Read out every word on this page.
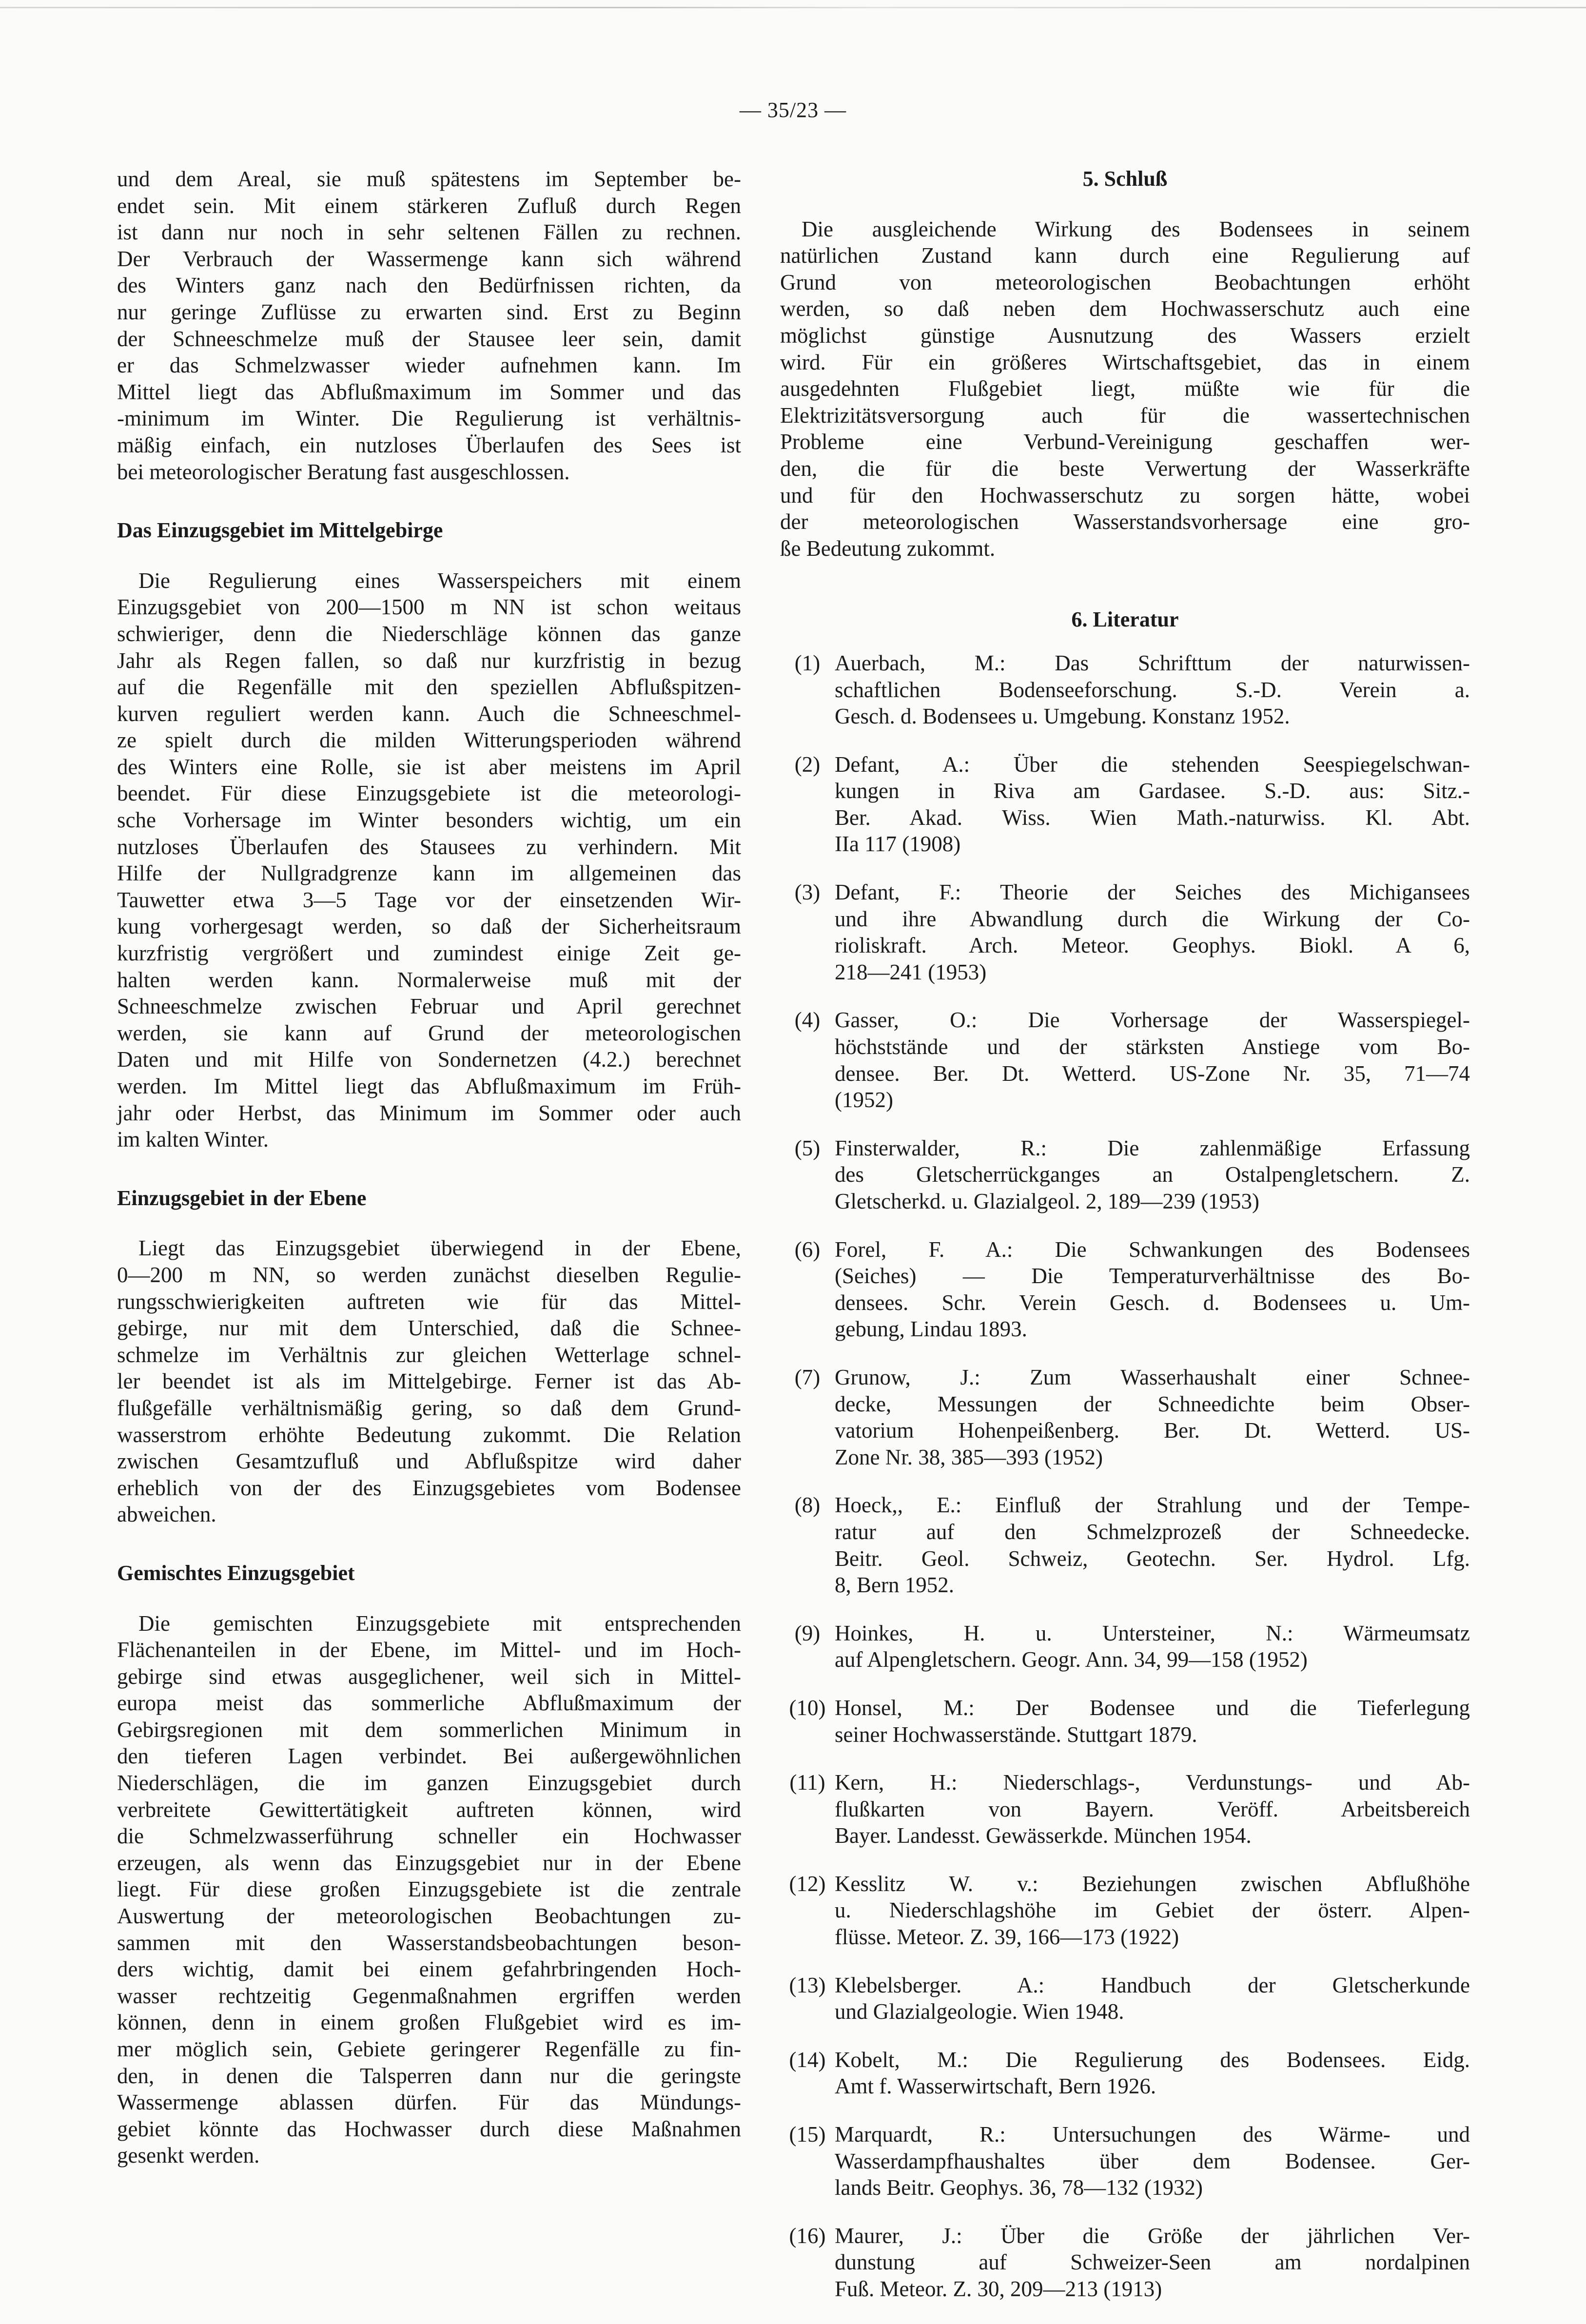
— 35/23 —
und dem Areal, sie muß spätestens im September be-
endet sein. Mit einem stärkeren Zufluß durch Regen
ist dann nur noch in sehr seltenen Fällen zu rechnen.
Der Verbrauch der Wassermenge kann sich während
des Winters ganz nach den Bedürfnissen richten, da
nur geringe Zuflüsse zu erwarten sind. Erst zu Beginn
der Schneeschmelze muß der Stausee leer sein, damit
er das Schmelzwasser wieder aufnehmen kann. Im
Mittel liegt das Abflußmaximum im Sommer und das
-minimum im Winter. Die Regulierung ist verhältnis-
mäßig einfach, ein nutzloses Überlaufen des Sees ist
bei meteorologischer Beratung fast ausgeschlossen.
Das Einzugsgebiet im Mittelgebirge
Die Regulierung eines Wasserspeichers mit einem
Einzugsgebiet von 200—1500 m NN ist schon weitaus
schwieriger, denn die Niederschläge können das ganze
Jahr als Regen fallen, so daß nur kurzfristig in bezug
auf die Regenfälle mit den speziellen Abflußspitzen-
kurven reguliert werden kann. Auch die Schneeschmel-
ze spielt durch die milden Witterungsperioden während
des Winters eine Rolle, sie ist aber meistens im April
beendet. Für diese Einzugsgebiete ist die meteorologi-
sche Vorhersage im Winter besonders wichtig, um ein
nutzloses Überlaufen des Stausees zu verhindern. Mit
Hilfe der Nullgradgrenze kann im allgemeinen das
Tauwetter etwa 3—5 Tage vor der einsetzenden Wir-
kung vorhergesagt werden, so daß der Sicherheitsraum
kurzfristig vergrößert und zumindest einige Zeit ge-
halten werden kann. Normalerweise muß mit der
Schneeschmelze zwischen Februar und April gerechnet
werden, sie kann auf Grund der meteorologischen
Daten und mit Hilfe von Sondernetzen (4.2.) berechnet
werden. Im Mittel liegt das Abflußmaximum im Früh-
jahr oder Herbst, das Minimum im Sommer oder auch
im kalten Winter.
Einzugsgebiet in der Ebene
Liegt das Einzugsgebiet überwiegend in der Ebene,
0—200 m NN, so werden zunächst dieselben Regulie-
rungsschwierigkeiten auftreten wie für das Mittel-
gebirge, nur mit dem Unterschied, daß die Schnee-
schmelze im Verhältnis zur gleichen Wetterlage schnel-
ler beendet ist als im Mittelgebirge. Ferner ist das Ab-
flußgefälle verhältnismäßig gering, so daß dem Grund-
wasserstrom erhöhte Bedeutung zukommt. Die Relation
zwischen Gesamtzufluß und Abflußspitze wird daher
erheblich von der des Einzugsgebietes vom Bodensee
abweichen.
Gemischtes Einzugsgebiet
Die gemischten Einzugsgebiete mit entsprechenden
Flächenanteilen in der Ebene, im Mittel- und im Hoch-
gebirge sind etwas ausgeglichener, weil sich in Mittel-
europa meist das sommerliche Abflußmaximum der
Gebirgsregionen mit dem sommerlichen Minimum in
den tieferen Lagen verbindet. Bei außergewöhnlichen
Niederschlägen, die im ganzen Einzugsgebiet durch
verbreitete Gewittertätigkeit auftreten können, wird
die Schmelzwasserführung schneller ein Hochwasser
erzeugen, als wenn das Einzugsgebiet nur in der Ebene
liegt. Für diese großen Einzugsgebiete ist die zentrale
Auswertung der meteorologischen Beobachtungen zu-
sammen mit den Wasserstandsbeobachtungen beson-
ders wichtig, damit bei einem gefahrbringenden Hoch-
wasser rechtzeitig Gegenmaßnahmen ergriffen werden
können, denn in einem großen Flußgebiet wird es im-
mer möglich sein, Gebiete geringerer Regenfälle zu fin-
den, in denen die Talsperren dann nur die geringste
Wassermenge ablassen dürfen. Für das Mündungs-
gebiet könnte das Hochwasser durch diese Maßnahmen
gesenkt werden.
5. Schluß
Die ausgleichende Wirkung des Bodensees in seinem
natürlichen Zustand kann durch eine Regulierung auf
Grund von meteorologischen Beobachtungen erhöht
werden, so daß neben dem Hochwasserschutz auch eine
möglichst günstige Ausnutzung des Wassers erzielt
wird. Für ein größeres Wirtschaftsgebiet, das in einem
ausgedehnten Flußgebiet liegt, müßte wie für die
Elektrizitätsversorgung auch für die wassertechnischen
Probleme eine Verbund-Vereinigung geschaffen wer-
den, die für die beste Verwertung der Wasserkräfte
und für den Hochwasserschutz zu sorgen hätte, wobei
der meteorologischen Wasserstandsvorhersage eine gro-
ße Bedeutung zukommt.
6. Literatur
(1) Auerbach, M.: Das Schrifttum der naturwissen-
schaftlichen Bodenseeforschung. S.-D. Verein a.
Gesch. d. Bodensees u. Umgebung. Konstanz 1952.
(2) Defant, A.: Über die stehenden Seespiegelschwan-
kungen in Riva am Gardasee. S.-D. aus: Sitz.-
Ber. Akad. Wiss. Wien Math.-naturwiss. Kl. Abt.
IIa 117 (1908)
(3) Defant, F.: Theorie der Seiches des Michigansees
und ihre Abwandlung durch die Wirkung der Co-
rioliskraft. Arch. Meteor. Geophys. Biokl. A 6,
218—241 (1953)
(4) Gasser, O.: Die Vorhersage der Wasserspiegel-
höchststände und der stärksten Anstiege vom Bo-
densee. Ber. Dt. Wetterd. US-Zone Nr. 35, 71—74
(1952)
(5) Finsterwalder, R.: Die zahlenmäßige Erfassung
des Gletscherrückganges an Ostalpengletschern. Z.
Gletscherkd. u. Glazialgeol. 2, 189—239 (1953)
(6) Forel, F. A.: Die Schwankungen des Bodensees
(Seiches) — Die Temperaturverhältnisse des Bo-
densees. Schr. Verein Gesch. d. Bodensees u. Um-
gebung, Lindau 1893.
(7) Grunow, J.: Zum Wasserhaushalt einer Schnee-
decke, Messungen der Schneedichte beim Obser-
vatorium Hohenpeißenberg. Ber. Dt. Wetterd. US-
Zone Nr. 38, 385—393 (1952)
(8) Hoeck,, E.: Einfluß der Strahlung und der Tempe-
ratur auf den Schmelzprozeß der Schneedecke.
Beitr. Geol. Schweiz, Geotechn. Ser. Hydrol. Lfg.
8, Bern 1952.
(9) Hoinkes, H. u. Untersteiner, N.: Wärmeumsatz
auf Alpengletschern. Geogr. Ann. 34, 99—158 (1952)
(10) Honsel, M.: Der Bodensee und die Tieferlegung
seiner Hochwasserstände. Stuttgart 1879.
(11) Kern, H.: Niederschlags-, Verdunstungs- und Ab-
flußkarten von Bayern. Veröff. Arbeitsbereich
Bayer. Landesst. Gewässerkde. München 1954.
(12) Kesslitz W. v.: Beziehungen zwischen Abflußhöhe
u. Niederschlagshöhe im Gebiet der österr. Alpen-
flüsse. Meteor. Z. 39, 166—173 (1922)
(13) Klebelsberger. A.: Handbuch der Gletscherkunde
und Glazialgeologie. Wien 1948.
(14) Kobelt, M.: Die Regulierung des Bodensees. Eidg.
Amt f. Wasserwirtschaft, Bern 1926.
(15) Marquardt, R.: Untersuchungen des Wärme- und
Wasserdampfhaushaltes über dem Bodensee. Ger-
lands Beitr. Geophys. 36, 78—132 (1932)
(16) Maurer, J.: Über die Größe der jährlichen Ver-
dunstung auf Schweizer-Seen am nordalpinen
Fuß. Meteor. Z. 30, 209—213 (1913)
